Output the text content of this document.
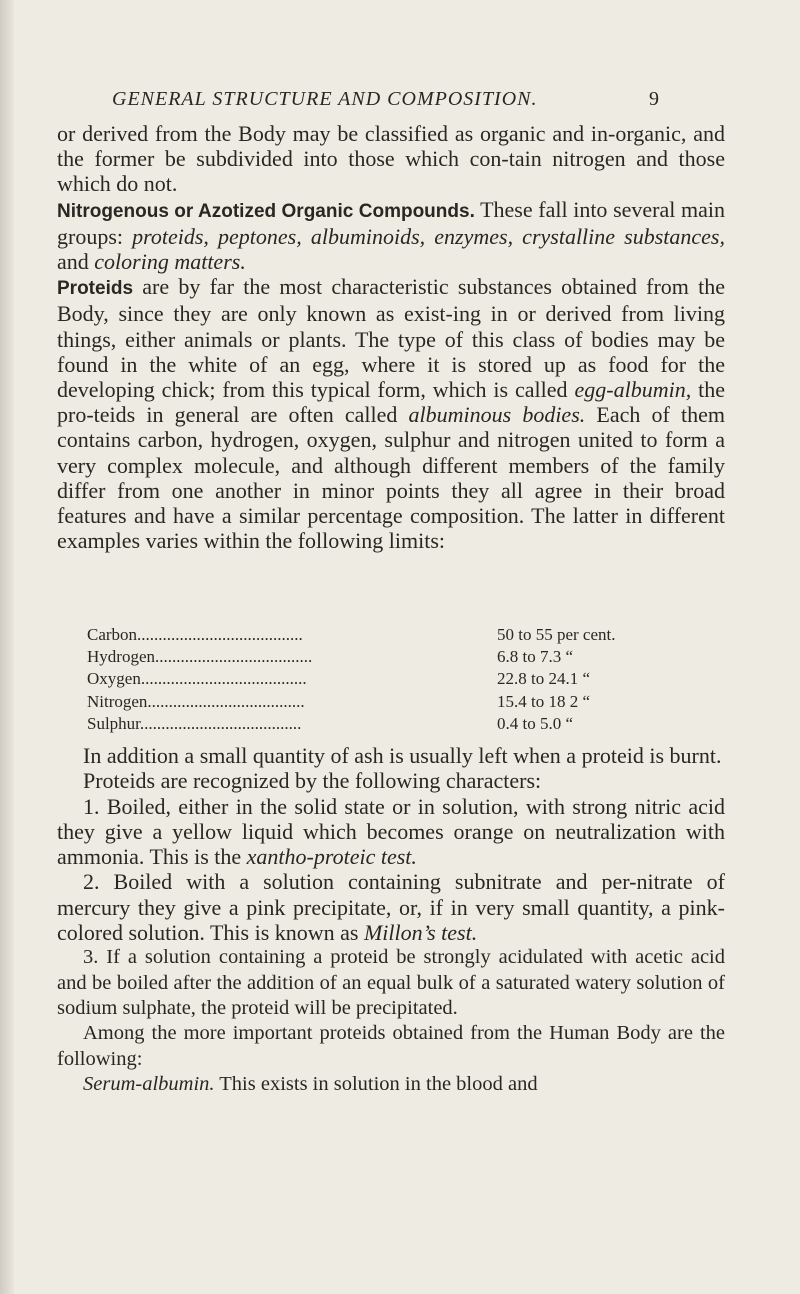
GENERAL STRUCTURE AND COMPOSITION.	9

or derived from the Body may be classified as organic and in-organic, and the former be subdivided into those which con-tain nitrogen and those which do not.

Nitrogenous or Azotized Organic Compounds. These fall into several main groups: proteids, peptones, albuminoids, enzymes, crystalline substances, and coloring matters.

Proteids are by far the most characteristic substances obtained from the Body, since they are only known as exist-ing in or derived from living things, either animals or plants. The type of this class of bodies may be found in the white of an egg, where it is stored up as food for the developing chick; from this typical form, which is called egg-albumin, the pro-teids in general are often called albuminous bodies. Each of them contains carbon, hydrogen, oxygen, sulphur and nitrogen united to form a very complex molecule, and although different members of the family differ from one another in minor points they all agree in their broad features and have a similar percentage composition. The latter in different examples varies within the following limits:

Carbon.......................................	50 to 55 per cent.
Hydrogen.....................................	6.8 to 7.3 “
Oxygen.......................................	22.8 to 24.1 “
Nitrogen.....................................	15.4 to 18 2 “
Sulphur......................................	0.4 to 5.0 “

In addition a small quantity of ash is usually left when a proteid is burnt.

Proteids are recognized by the following characters:

1. Boiled, either in the solid state or in solution, with strong nitric acid they give a yellow liquid which becomes orange on neutralization with ammonia. This is the xantho-proteic test.

2. Boiled with a solution containing subnitrate and per-nitrate of mercury they give a pink precipitate, or, if in very small quantity, a pink-colored solution. This is known as Millon’s test.

3. If a solution containing a proteid be strongly acidulated with acetic acid and be boiled after the addition of an equal bulk of a saturated watery solution of sodium sulphate, the proteid will be precipitated.

Among the more important proteids obtained from the Human Body are the following:

Serum-albumin. This exists in solution in the blood and
